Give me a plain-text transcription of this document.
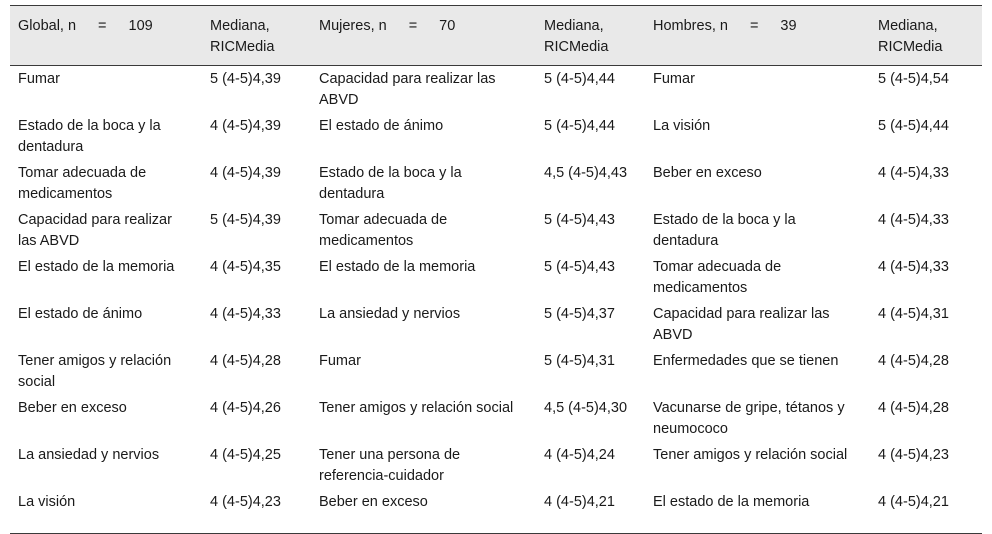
Global, n = 109	Mediana, RICMedia	Mujeres, n = 70	Mediana, RICMedia	Hombres, n = 39	Mediana, RICMedia
Fumar	5 (4-5)4,39	Capacidad para realizar las ABVD	5 (4-5)4,44	Fumar	5 (4-5)4,54
Estado de la boca y la dentadura	4 (4-5)4,39	El estado de ánimo	5 (4-5)4,44	La visión	5 (4-5)4,44
Tomar adecuada de medicamentos	4 (4-5)4,39	Estado de la boca y la dentadura	4,5 (4-5)4,43	Beber en exceso	4 (4-5)4,33
Capacidad para realizar las ABVD	5 (4-5)4,39	Tomar adecuada de medicamentos	5 (4-5)4,43	Estado de la boca y la dentadura	4 (4-5)4,33
El estado de la memoria	4 (4-5)4,35	El estado de la memoria	5 (4-5)4,43	Tomar adecuada de medicamentos	4 (4-5)4,33
El estado de ánimo	4 (4-5)4,33	La ansiedad y nervios	5 (4-5)4,37	Capacidad para realizar las ABVD	4 (4-5)4,31
Tener amigos y relación social	4 (4-5)4,28	Fumar	5 (4-5)4,31	Enfermedades que se tienen	4 (4-5)4,28
Beber en exceso	4 (4-5)4,26	Tener amigos y relación social	4,5 (4-5)4,30	Vacunarse de gripe, tétanos y neumococo	4 (4-5)4,28
La ansiedad y nervios	4 (4-5)4,25	Tener una persona de referencia-cuidador	4 (4-5)4,24	Tener amigos y relación social	4 (4-5)4,23
La visión	4 (4-5)4,23	Beber en exceso	4 (4-5)4,21	El estado de la memoria	4 (4-5)4,21
